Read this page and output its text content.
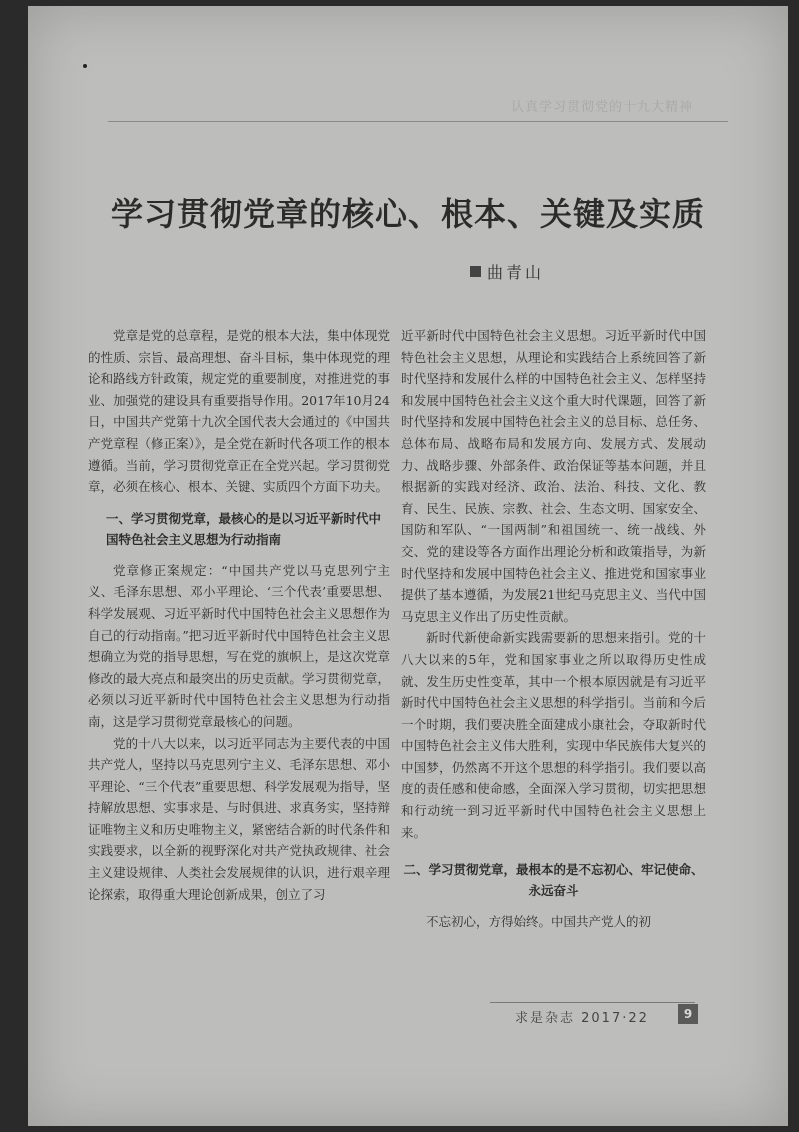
认真学习贯彻党的十九大精神
学习贯彻党章的核心、根本、关键及实质
曲青山

党章是党的总章程，是党的根本大法，集中体现党的性质、宗旨、最高理想、奋斗目标，集中体现党的理论和路线方针政策，规定党的重要制度，对推进党的事业、加强党的建设具有重要指导作用。2017年10月24日，中国共产党第十九次全国代表大会通过的《中国共产党章程（修正案）》，是全党在新时代各项工作的根本遵循。当前，学习贯彻党章正在全党兴起。学习贯彻党章，必须在核心、根本、关键、实质四个方面下功夫。

一、学习贯彻党章，最核心的是以习近平新时代中国特色社会主义思想为行动指南

党章修正案规定：“中国共产党以马克思列宁主义、毛泽东思想、邓小平理论、‘三个代表’重要思想、科学发展观、习近平新时代中国特色社会主义思想作为自己的行动指南。”把习近平新时代中国特色社会主义思想确立为党的指导思想，写在党的旗帜上，是这次党章修改的最大亮点和最突出的历史贡献。学习贯彻党章，必须以习近平新时代中国特色社会主义思想为行动指南，这是学习贯彻党章最核心的问题。

党的十八大以来，以习近平同志为主要代表的中国共产党人，坚持以马克思列宁主义、毛泽东思想、邓小平理论、“三个代表”重要思想、科学发展观为指导，坚持解放思想、实事求是、与时俱进、求真务实，坚持辩证唯物主义和历史唯物主义，紧密结合新的时代条件和实践要求，以全新的视野深化对共产党执政规律、社会主义建设规律、人类社会发展规律的认识，进行艰辛理论探索，取得重大理论创新成果，创立了习

近平新时代中国特色社会主义思想。习近平新时代中国特色社会主义思想，从理论和实践结合上系统回答了新时代坚持和发展什么样的中国特色社会主义、怎样坚持和发展中国特色社会主义这个重大时代课题，回答了新时代坚持和发展中国特色社会主义的总目标、总任务、总体布局、战略布局和发展方向、发展方式、发展动力、战略步骤、外部条件、政治保证等基本问题，并且根据新的实践对经济、政治、法治、科技、文化、教育、民生、民族、宗教、社会、生态文明、国家安全、国防和军队、“一国两制”和祖国统一、统一战线、外交、党的建设等各方面作出理论分析和政策指导，为新时代坚持和发展中国特色社会主义、推进党和国家事业提供了基本遵循，为发展21世纪马克思主义、当代中国马克思主义作出了历史性贡献。

新时代新使命新实践需要新的思想来指引。党的十八大以来的5年，党和国家事业之所以取得历史性成就、发生历史性变革，其中一个根本原因就是有习近平新时代中国特色社会主义思想的科学指引。当前和今后一个时期，我们要决胜全面建成小康社会，夺取新时代中国特色社会主义伟大胜利，实现中华民族伟大复兴的中国梦，仍然离不开这个思想的科学指引。我们要以高度的责任感和使命感，全面深入学习贯彻，切实把思想和行动统一到习近平新时代中国特色社会主义思想上来。

二、学习贯彻党章，最根本的是不忘初心、牢记使命、永远奋斗

不忘初心，方得始终。中国共产党人的初

求是杂志 2017·22	9
